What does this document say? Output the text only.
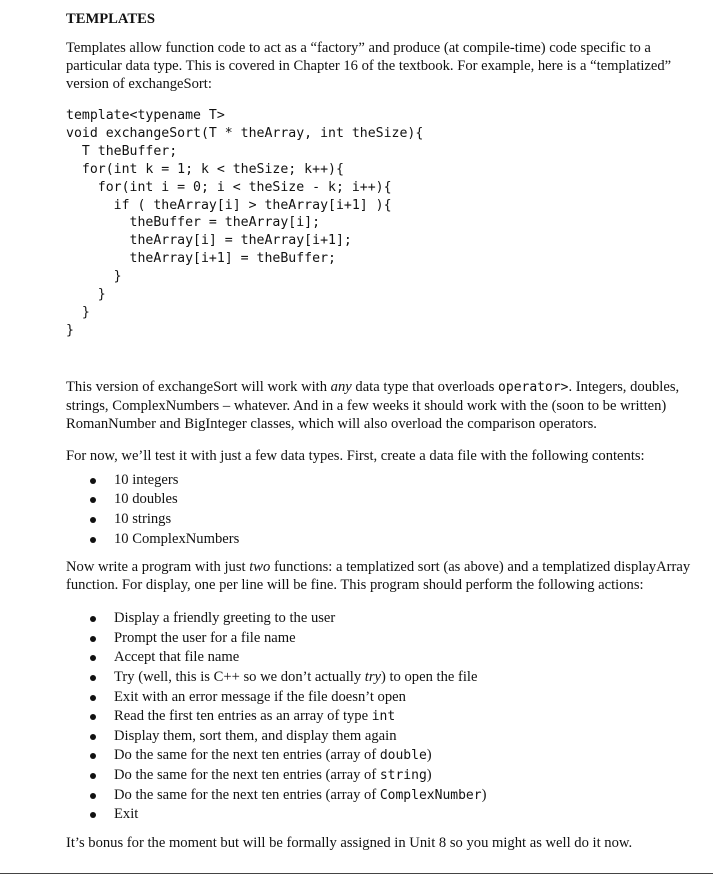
TEMPLATES

Templates allow function code to act as a “factory” and produce (at compile-time) code specific to a particular data type. This is covered in Chapter 16 of the textbook. For example, here is a “templatized” version of exchangeSort:

template<typename T>
void exchangeSort(T * theArray, int theSize){
T theBuffer;
for(int k = 1; k < theSize; k++){
for(int i = 0; i < theSize - k; i++){
if ( theArray[i] > theArray[i+1] ){
theBuffer = theArray[i];
theArray[i] = theArray[i+1];
theArray[i+1] = theBuffer;
}
}
}
}

This version of exchangeSort will work with any data type that overloads operator>. Integers, doubles, strings, ComplexNumbers – whatever. And in a few weeks it should work with the (soon to be written) RomanNumber and BigInteger classes, which will also overload the comparison operators.

For now, we’ll test it with just a few data types. First, create a data file with the following contents:

10 integers
10 doubles
10 strings
10 ComplexNumbers

Now write a program with just two functions: a templatized sort (as above) and a templatized displayArray function. For display, one per line will be fine. This program should perform the following actions:

Display a friendly greeting to the user
Prompt the user for a file name
Accept that file name
Try (well, this is C++ so we don’t actually try) to open the file
Exit with an error message if the file doesn’t open
Read the first ten entries as an array of type int
Display them, sort them, and display them again
Do the same for the next ten entries (array of double)
Do the same for the next ten entries (array of string)
Do the same for the next ten entries (array of ComplexNumber)
Exit

It’s bonus for the moment but will be formally assigned in Unit 8 so you might as well do it now.
